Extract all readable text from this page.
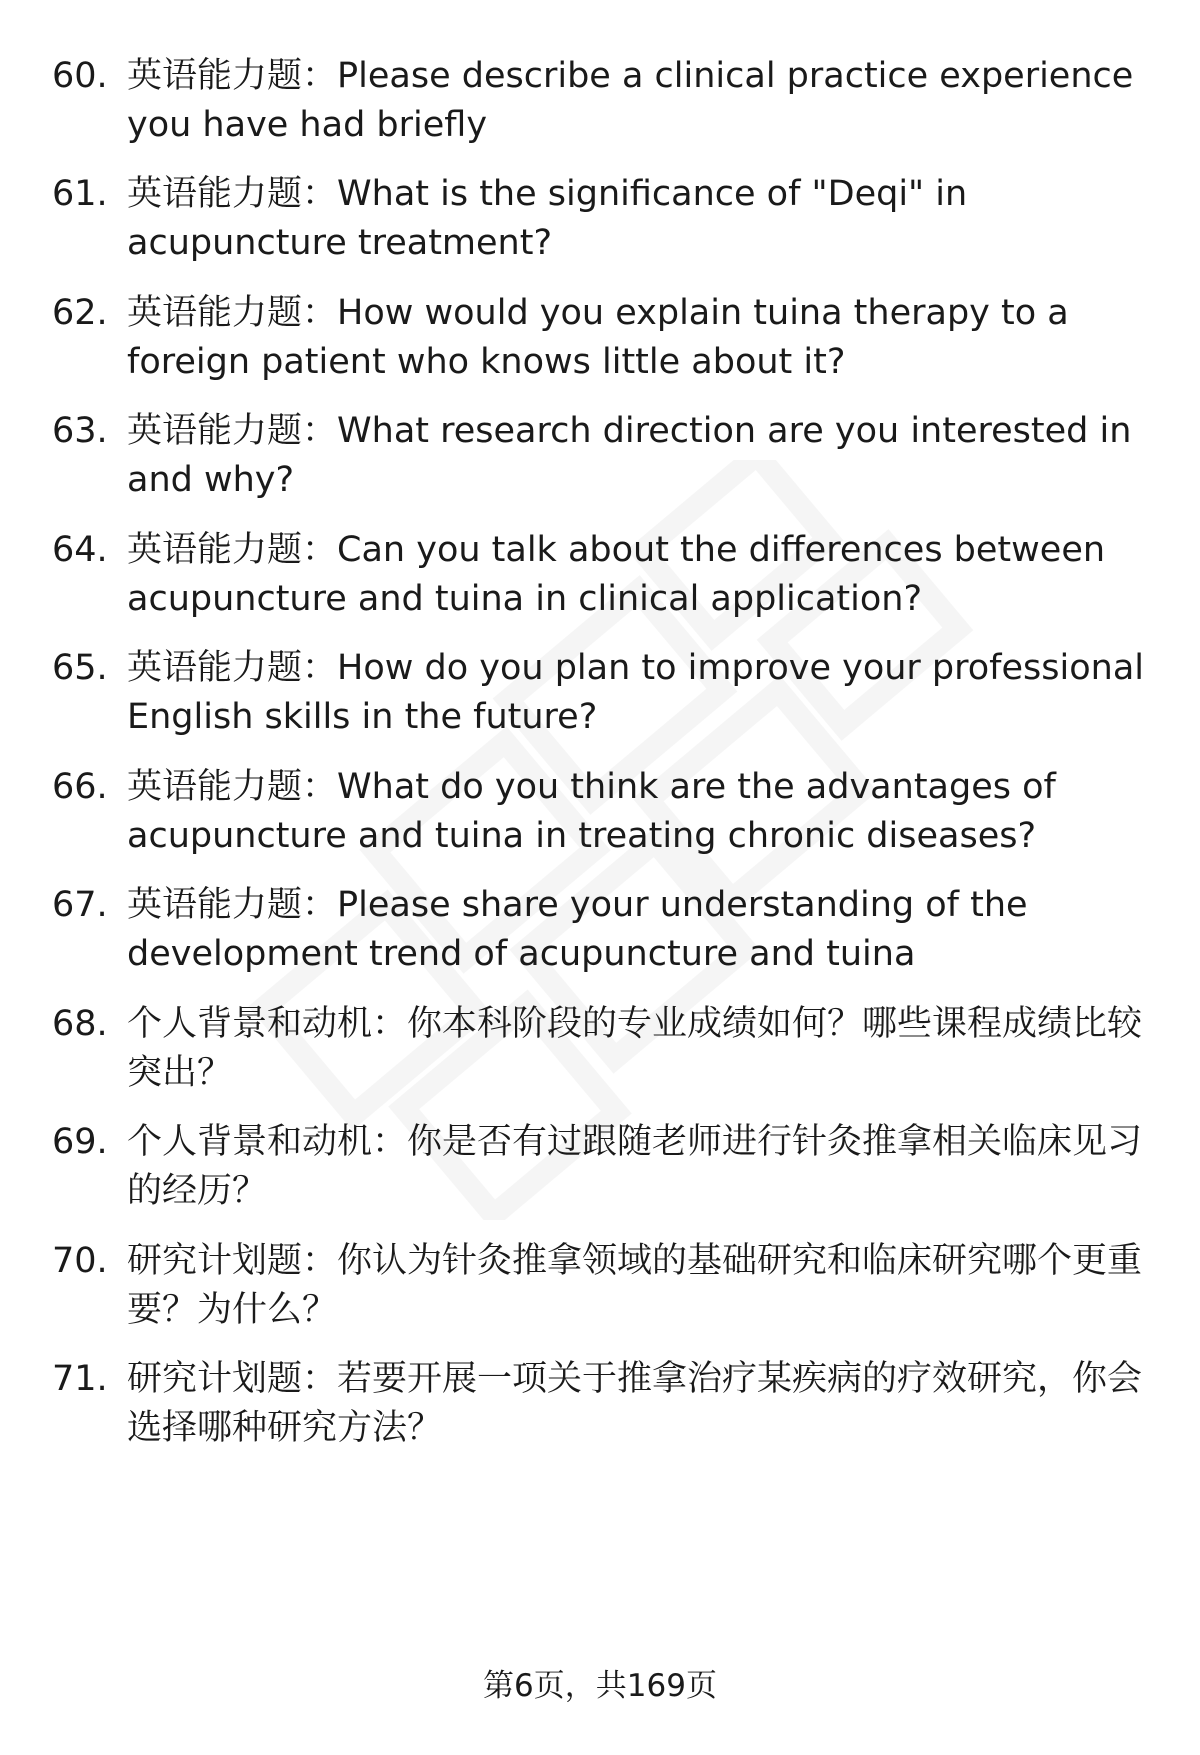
60. 英语能力题：Please describe a clinical practice experience you have had briefly
61. 英语能力题：What is the significance of "Deqi" in acupuncture treatment?
62. 英语能力题：How would you explain tuina therapy to a foreign patient who knows little about it?
63. 英语能力题：What research direction are you interested in and why?
64. 英语能力题：Can you talk about the differences between acupuncture and tuina in clinical application?
65. 英语能力题：How do you plan to improve your professional English skills in the future?
66. 英语能力题：What do you think are the advantages of acupuncture and tuina in treating chronic diseases?
67. 英语能力题：Please share your understanding of the development trend of acupuncture and tuina
68. 个人背景和动机：你本科阶段的专业成绩如何？哪些课程成绩比较突出？
69. 个人背景和动机：你是否有过跟随老师进行针灸推拿相关临床见习的经历？
70. 研究计划题：你认为针灸推拿领域的基础研究和临床研究哪个更重要？为什么？
71. 研究计划题：若要开展一项关于推拿治疗某疾病的疗效研究，你会选择哪种研究方法？
第6页，共169页
